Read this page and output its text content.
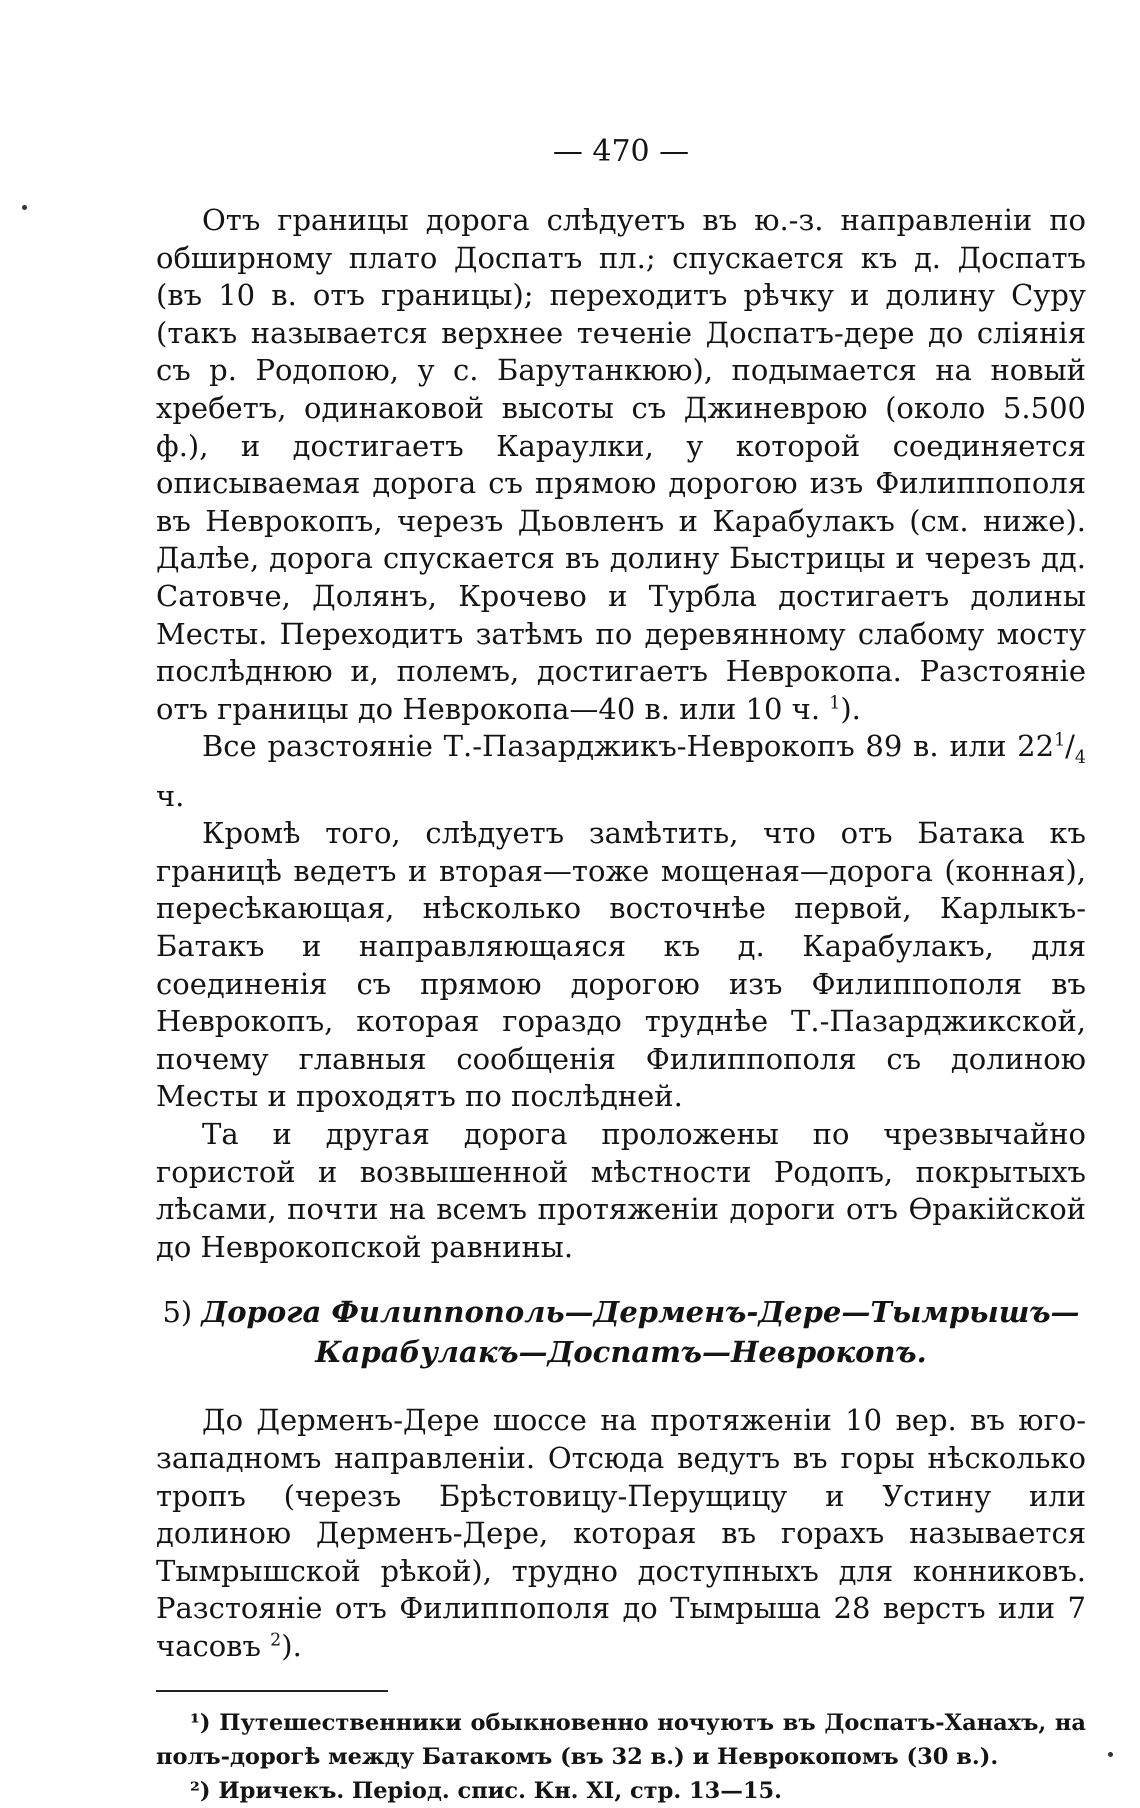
— 470 —

Отъ границы дорога слѣдуетъ въ ю.-з. направленіи по обширному плато Доспатъ пл.; спускается къ д. Доспатъ (въ 10 в. отъ границы); переходитъ рѣчку и долину Суру (такъ называется верхнее теченіе Доспатъ-дере до сліянія съ р. Родопою, у с. Барутанкюю), подымается на новый хребетъ, одинаковой высоты съ Джиневрою (около 5.500 ф.), и достигаетъ Караулки, у которой соединяется описываемая дорога съ прямою дорогою изъ Филиппополя въ Неврокопъ, черезъ Дьовленъ и Карабулакъ (см. ниже). Далѣе, дорога спускается въ долину Быстрицы и черезъ дд. Сатовче, Долянъ, Крочево и Турбла достигаетъ долины Месты. Переходитъ затѣмъ по деревянному слабому мосту послѣднюю и, полемъ, достигаетъ Неврокопа. Разстояніе отъ границы до Неврокопа—40 в. или 10 ч. $^1$).

Все разстояніе Т.-Пазарджикъ-Неврокопъ 89 в. или $22^1/_4$ ч.

Кромѣ того, слѣдуетъ замѣтить, что отъ Батака къ границѣ ведетъ и вторая—тоже мощеная—дорога (конная), пересѣкающая, нѣсколько восточнѣе первой, Карлыкъ-Батакъ и направляющаяся къ д. Карабулакъ, для соединенія съ прямою дорогою изъ Филиппополя въ Неврокопъ, которая гораздо труднѣе Т.-Пазарджикской, почему главныя сообщенія Филиппополя съ долиною Месты и проходятъ по послѣдней.

Та и другая дорога проложены по чрезвычайно гористой и возвышенной мѣстности Родопъ, покрытыхъ лѣсами, почти на всемъ протяженіи дороги отъ Ѳракійской до Неврокопской равнины.

5) Дорога Филиппополь—Дерменъ-Дере—Тымрышъ—Карабулакъ—Доспатъ—Неврокопъ.

До Дерменъ-Дере шоссе на протяженіи 10 вер. въ юго-западномъ направленіи. Отсюда ведутъ въ горы нѣсколько тропъ (черезъ Брѣстовицу-Перущицу и Устину или долиною Дерменъ-Дере, которая въ горахъ называется Тымрышской рѣкой), трудно доступныхъ для конниковъ. Разстояніе отъ Филиппополя до Тымрыша 28 верстъ или 7 часовъ $^2$).

¹) Путешественники обыкновенно ночуютъ въ Доспатъ-Ханахъ, на полъ-дорогѣ между Батакомъ (въ 32 в.) и Неврокопомъ (30 в.).

²) Иричекъ. Період. спис. Кн. XI, стр. 13—15.
